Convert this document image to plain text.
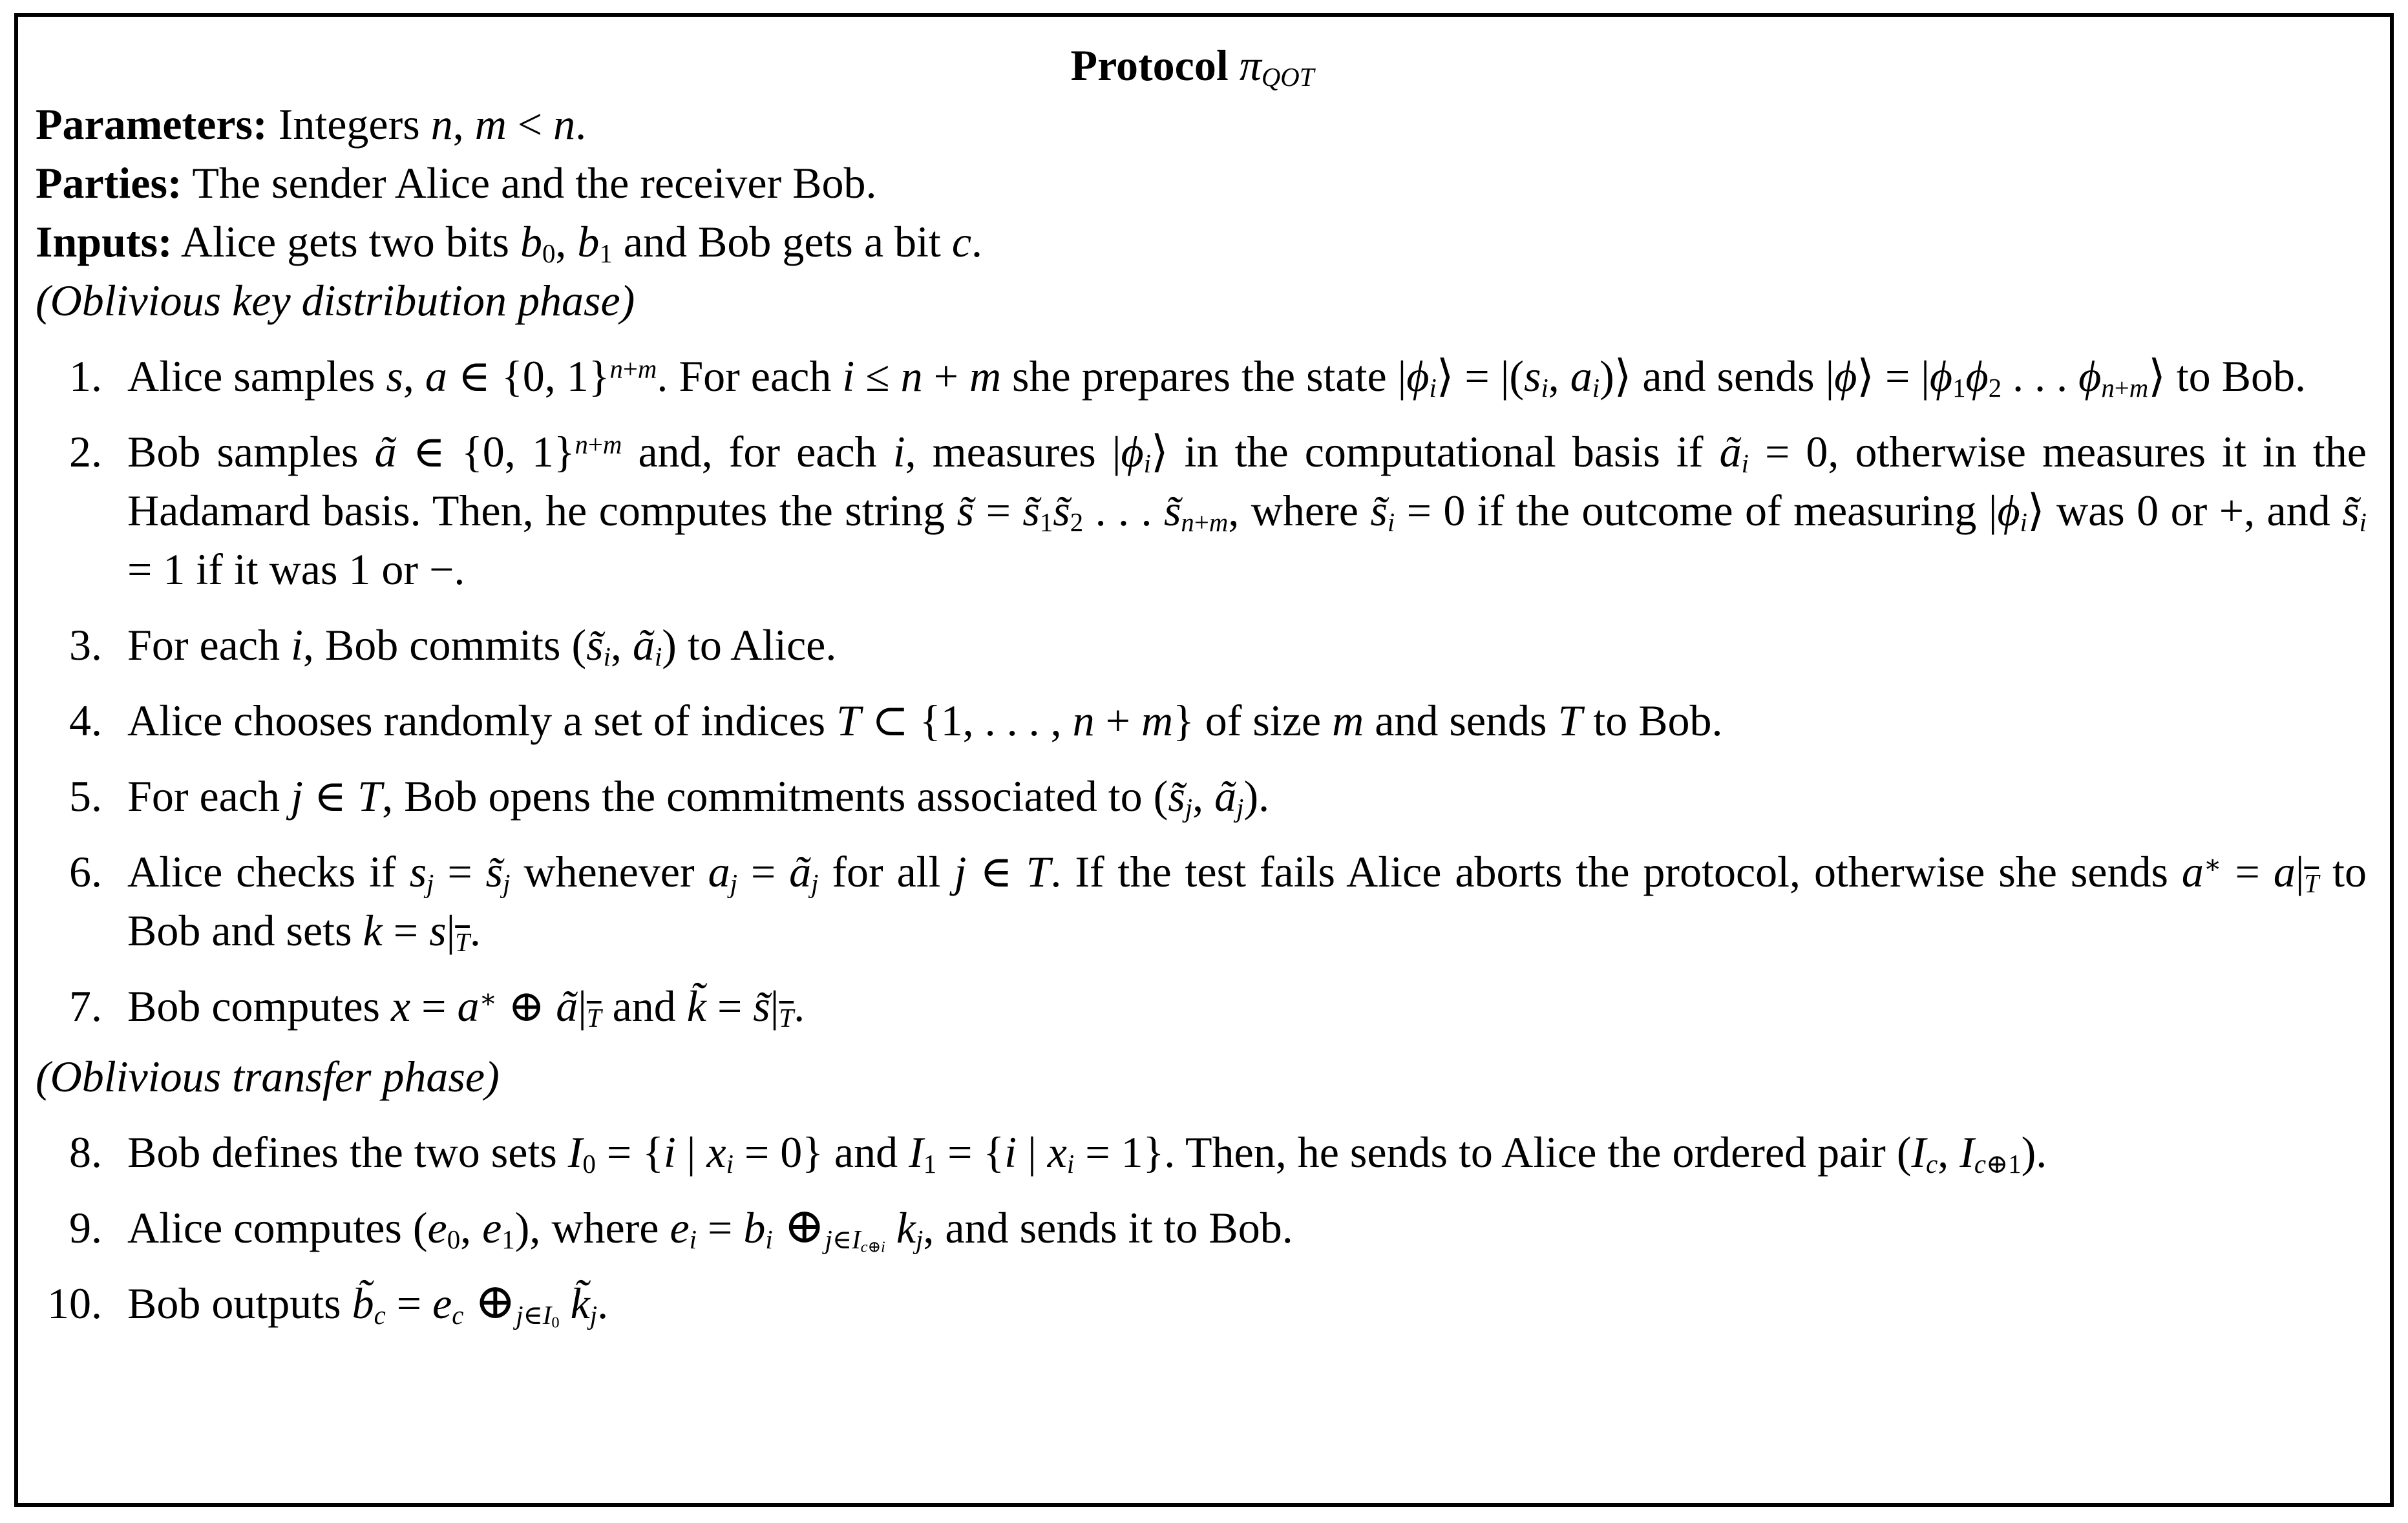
Protocol $\pi_{QOT}$

Parameters: Integers n, m < n.

Parties: The sender Alice and the receiver Bob.

Inputs: Alice gets two bits $b_0$, $b_1$ and Bob gets a bit c.

(Oblivious key distribution phase)

1. Alice samples s, a ∈ {0, 1}$^{n+m}$. For each i ≤ n + m she prepares the state $|\phi_i⟩ = |(s_i$, $a_i)⟩$ and sends |ϕ⟩ = $|\phi_1\phi_2$ . . . $\phi_{n+m}⟩$ to Bob.
2. Bob samples ã ∈ {0, 1}$^{n+m}$ and, for each i, measures $|\phi_i⟩$ in the computational basis if $ã_i = 0$, otherwise measures it in the Hadamard basis. Then, he computes the string s̃ = $s̃_1s̃_2$ . . . $s̃_{n+m}$, where $s̃_i = 0$ if the outcome of measuring $|\phi_i⟩$ was 0 or +, and $s̃_i = 1$ if it was 1 or −.
3. For each i, Bob commits ($s̃_i$, $ã_i$) to Alice.
4. Alice chooses randomly a set of indices T ⊂ {1, . . . , n + m} of size m and sends T to Bob.
5. For each j ∈ T, Bob opens the commitments associated to ($s̃_j$, $ã_j$).
6. Alice checks if $s_j$ = $s̃_j$ whenever $a_j$ = $ã_j$ for all j ∈ T. If the test fails Alice aborts the protocol, otherwise she sends $a^∗ = a|_{\overline{T}}$ to Bob and sets $k = s|_{\overline{T}}$.
7. Bob computes x = a∗ ⊕ $ã|_{\overline{T}}$ and k̃ = $s̃|_{\overline{T}}$.

(Oblivious transfer phase)

8. Bob defines the two sets $I_0 = \{i$ | $x_i = 0$} and $I_1 = \{i$ | $x_i = 1$}. Then, he sends to Alice the ordered pair ($I_c$, $I_{c\oplus 1}$).
9. Alice computes ($e_0$, $e_1$), where $e_i = b_i$ $\oplus_{j\in I_{c\oplus i}}$ $k_j$, and sends it to Bob.
10. Bob outputs $b̃_c = e_c$ $\oplus_{j\in I_0}$ $k̃_j$.
